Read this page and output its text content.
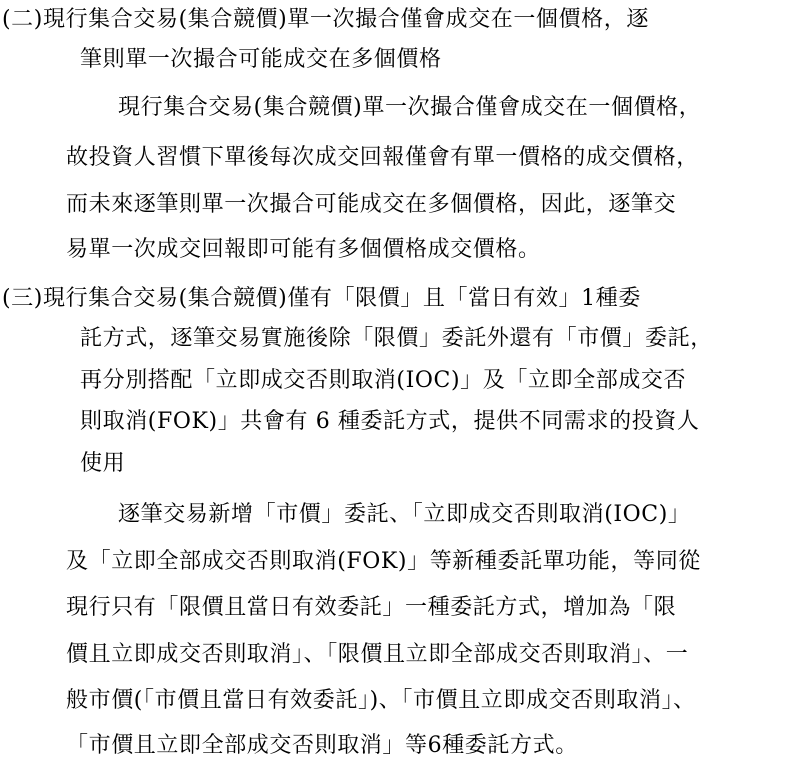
(二)現行集合交易(集合競價)單一次撮合僅會成交在一個價格，逐
筆則單一次撮合可能成交在多個價格
現行集合交易(集合競價)單一次撮合僅會成交在一個價格，
故投資人習慣下單後每次成交回報僅會有單一價格的成交價格，
而未來逐筆則單一次撮合可能成交在多個價格，因此，逐筆交
易單一次成交回報即可能有多個價格成交價格。
(三)現行集合交易(集合競價)僅有「限價」且「當日有效」1種委
託方式，逐筆交易實施後除「限價」委託外還有「市價」委託，
再分別搭配「立即成交否則取消(IOC)」及「立即全部成交否
則取消(FOK)」共會有 6 種委託方式，提供不同需求的投資人
使用
逐筆交易新增「市價」委託、「立即成交否則取消(IOC)」
及「立即全部成交否則取消(FOK)」等新種委託單功能，等同從
現行只有「限價且當日有效委託」一種委託方式，增加為「限
價且立即成交否則取消」、「限價且立即全部成交否則取消」、一
般市價(「市價且當日有效委託」)、「市價且立即成交否則取消」、
「市價且立即全部成交否則取消」等6種委託方式。
